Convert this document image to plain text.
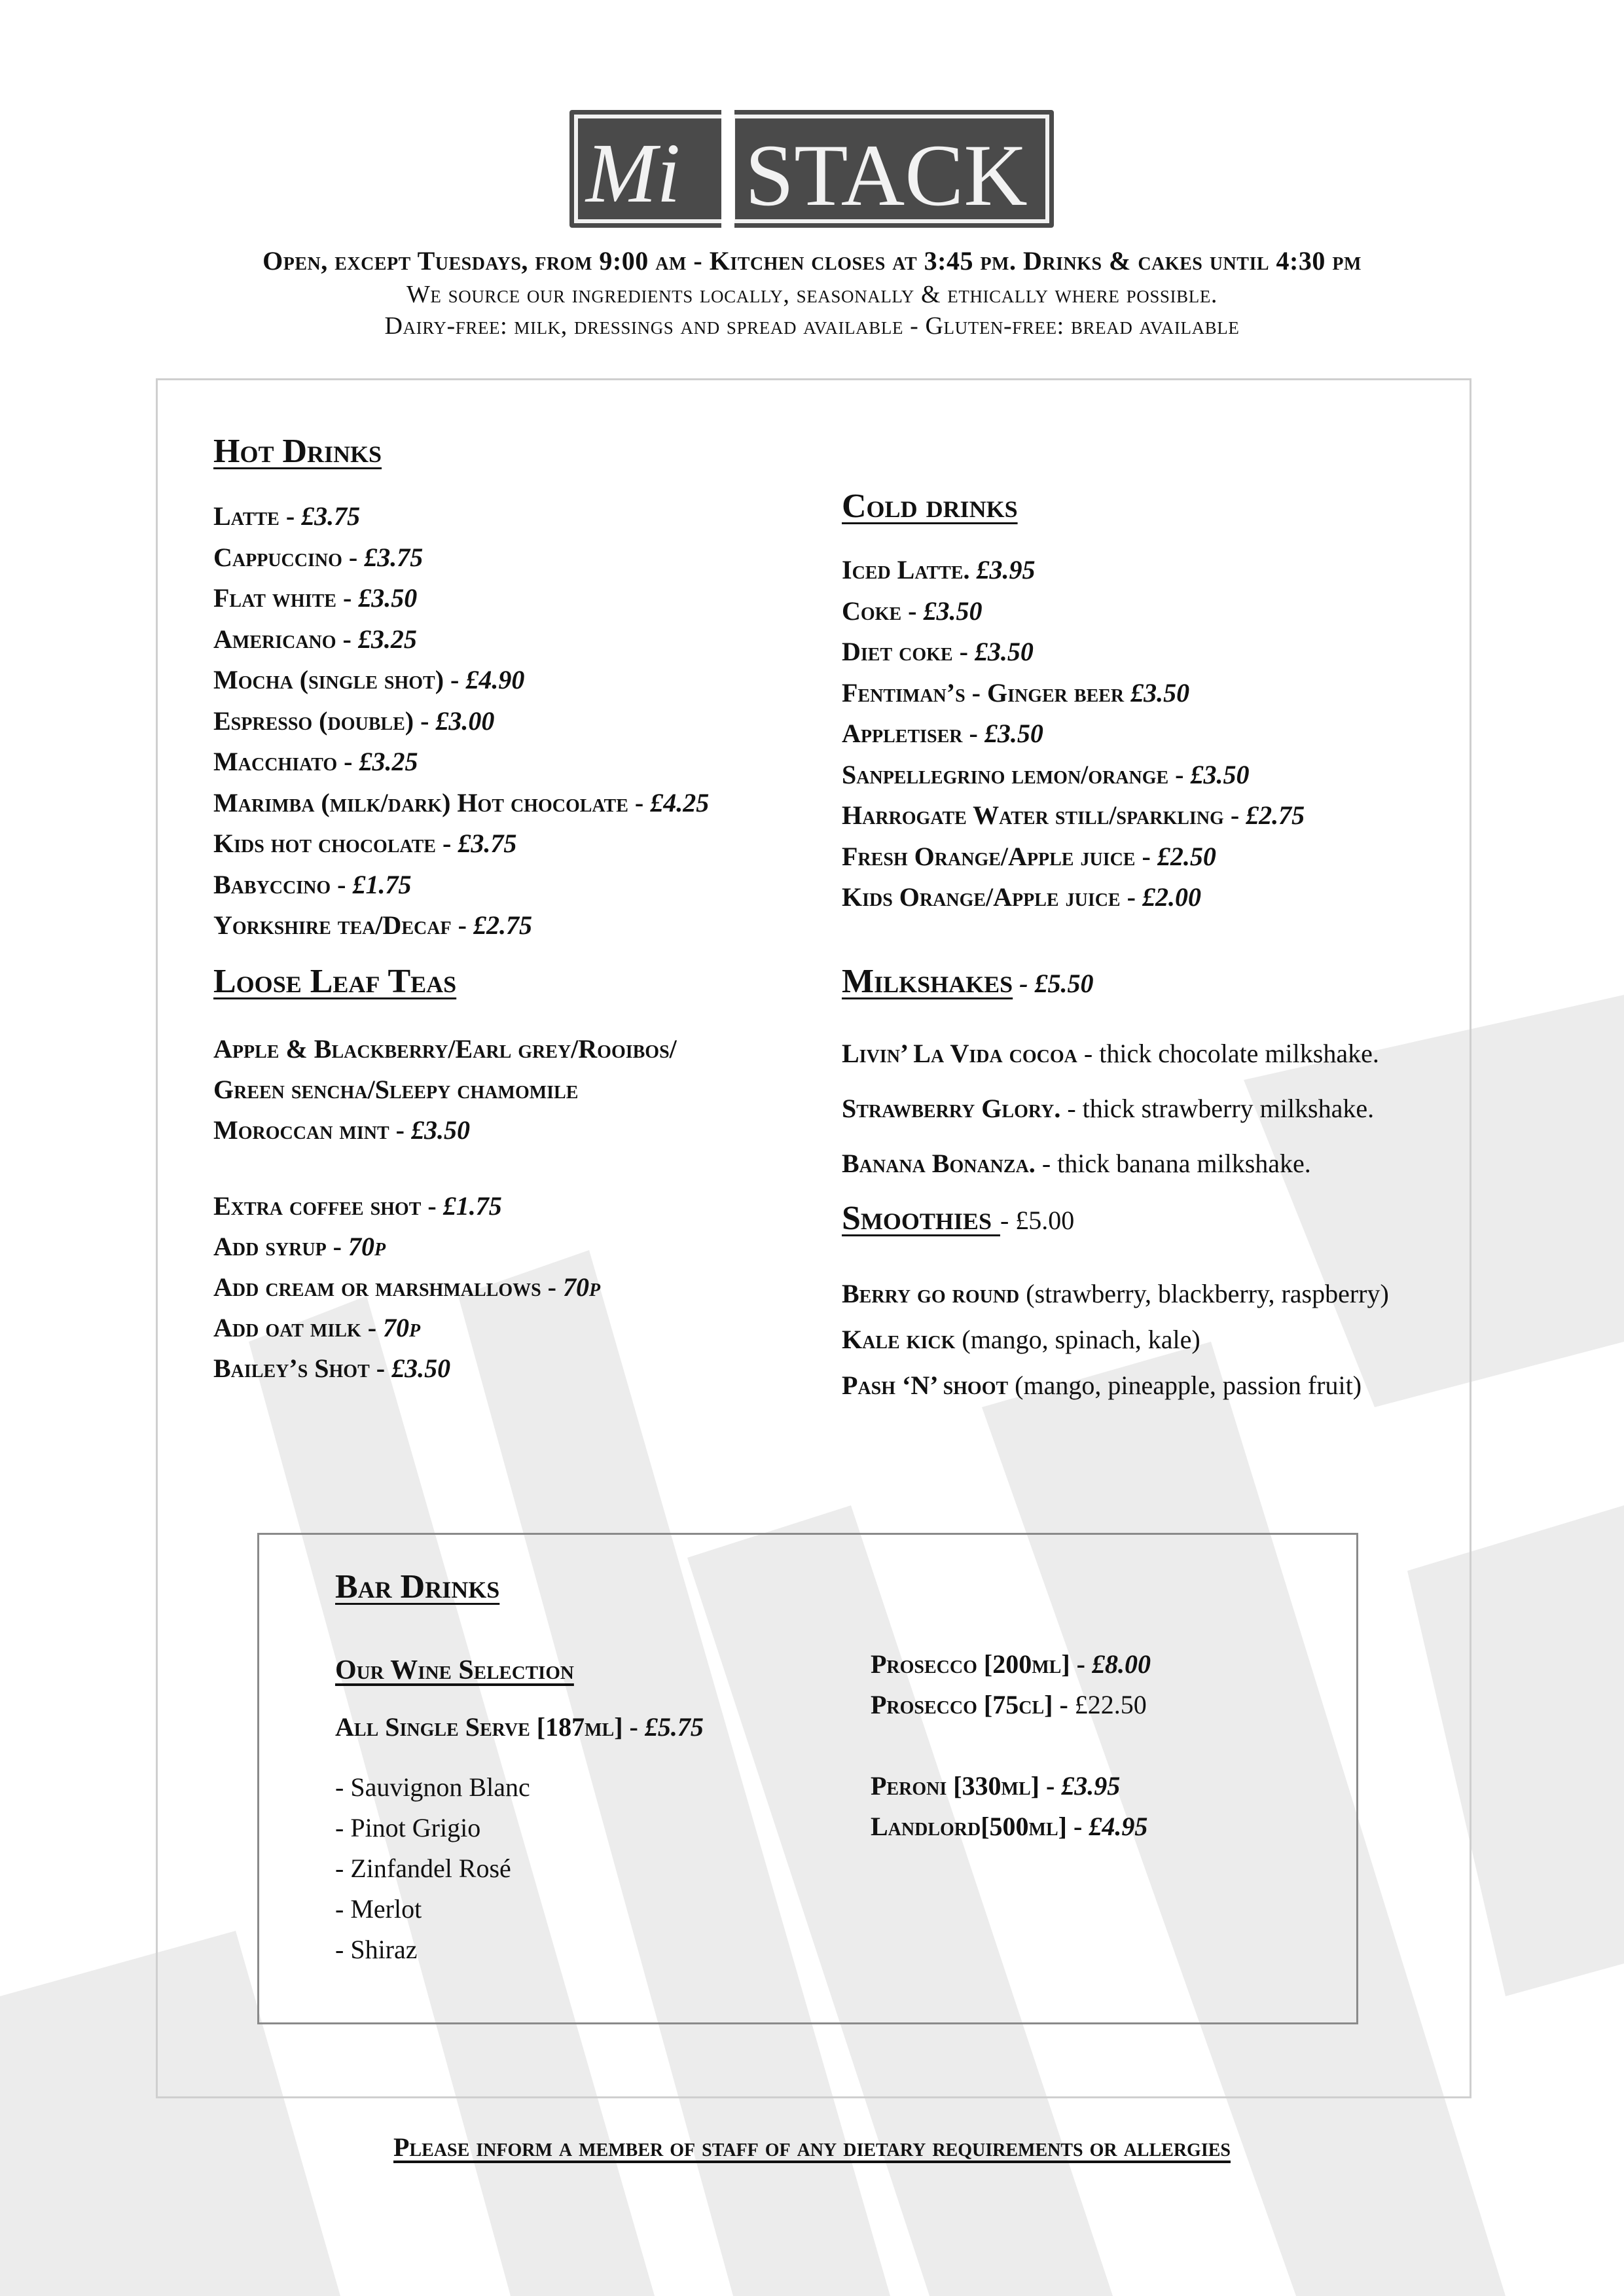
Mi STACK
Open, except Tuesdays, from 9:00 am - Kitchen closes at 3:45 pm. Drinks & cakes until 4:30 pm
We source our ingredients locally, seasonally & ethically where possible.
Dairy-free: milk, dressings and spread available - Gluten-free: bread available
Hot Drinks
Latte - £3.75
Cappuccino - £3.75
Flat white - £3.50
Americano - £3.25
Mocha (single shot) - £4.90
Espresso (double) - £3.00
Macchiato - £3.25
Marimba (milk/dark) Hot chocolate - £4.25
Kids hot chocolate - £3.75
Babyccino - £1.75
Yorkshire tea/Decaf - £2.75
Loose Leaf Teas
Apple & Blackberry/Earl grey/Rooibos/
Green sencha/Sleepy chamomile
Moroccan mint - £3.50
Extra coffee shot - £1.75
Add syrup - 70p
Add cream or marshmallows - 70p
Add oat milk - 70p
Bailey’s Shot - £3.50
Cold drinks
Iced Latte. £3.95
Coke - £3.50
Diet coke - £3.50
Fentiman’s - Ginger beer £3.50
Appletiser - £3.50
Sanpellegrino lemon/orange - £3.50
Harrogate Water still/sparkling - £2.75
Fresh Orange/Apple juice - £2.50
Kids Orange/Apple juice - £2.00
Milkshakes - £5.50
Livin’ La Vida cocoa - thick chocolate milkshake.
Strawberry Glory. - thick strawberry milkshake.
Banana Bonanza. - thick banana milkshake.
Smoothies - £5.00
Berry go round (strawberry, blackberry, raspberry)
Kale kick (mango, spinach, kale)
Pash ‘N’ shoot (mango, pineapple, passion fruit)
Bar Drinks
Our Wine Selection
All Single Serve [187ml] - £5.75
- Sauvignon Blanc
- Pinot Grigio
- Zinfandel Rosé
- Merlot
- Shiraz
Prosecco [200ml] - £8.00
Prosecco [75cl] - £22.50
Peroni [330ml] - £3.95
Landlord[500ml] - £4.95
Please inform a member of staff of any dietary requirements or allergies
